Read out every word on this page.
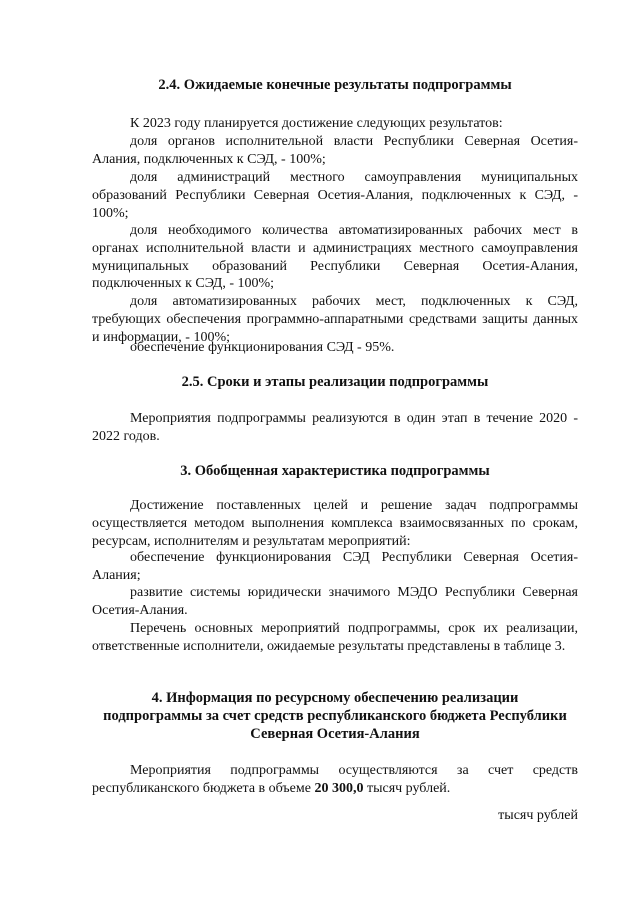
2.4. Ожидаемые конечные результаты подпрограммы
К 2023 году планируется достижение следующих результатов:
доля органов исполнительной власти Республики Северная Осетия-Алания, подключенных к СЭД, - 100%;
доля администраций местного самоуправления муниципальных образований Республики Северная Осетия-Алания, подключенных к СЭД, - 100%;
доля необходимого количества автоматизированных рабочих мест в органах исполнительной власти и администрациях местного самоуправления муниципальных образований Республики Северная Осетия-Алания, подключенных к СЭД, - 100%;
доля автоматизированных рабочих мест, подключенных к СЭД, требующих обеспечения программно-аппаратными средствами защиты данных и информации, - 100%;
обеспечение функционирования СЭД - 95%.
2.5. Сроки и этапы реализации подпрограммы
Мероприятия подпрограммы реализуются в один этап в течение 2020 - 2022 годов.
3. Обобщенная характеристика подпрограммы
Достижение поставленных целей и решение задач подпрограммы осуществляется методом выполнения комплекса взаимосвязанных по срокам, ресурсам, исполнителям и результатам мероприятий:
обеспечение функционирования СЭД Республики Северная Осетия-Алания;
развитие системы юридически значимого МЭДО Республики Северная Осетия-Алания.
Перечень основных мероприятий подпрограммы, срок их реализации, ответственные исполнители, ожидаемые результаты представлены в таблице 3.
4. Информация по ресурсному обеспечению реализации
подпрограммы за счет средств республиканского бюджета Республики
Северная Осетия-Алания
Мероприятия подпрограммы осуществляются за счет средств республиканского бюджета в объеме 20 300,0 тысяч рублей.
тысяч рублей
